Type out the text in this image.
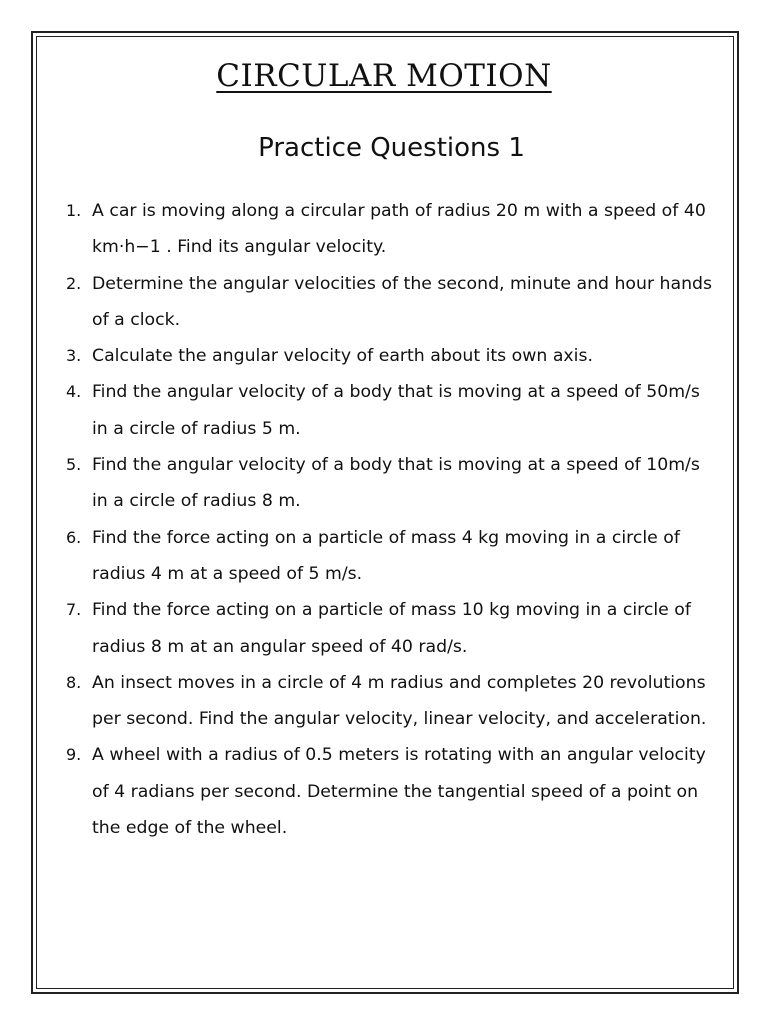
CIRCULAR MOTION
Practice Questions 1
1. A car is moving along a circular path of radius 20 m with a speed of 40 km·h−1 . Find its angular velocity.
2. Determine the angular velocities of the second, minute and hour hands of a clock.
3. Calculate the angular velocity of earth about its own axis.
4. Find the angular velocity of a body that is moving at a speed of 50m/s in a circle of radius 5 m.
5. Find the angular velocity of a body that is moving at a speed of 10m/s in a circle of radius 8 m.
6. Find the force acting on a particle of mass 4 kg moving in a circle of radius 4 m at a speed of 5 m/s.
7. Find the force acting on a particle of mass 10 kg moving in a circle of radius 8 m at an angular speed of 40 rad/s.
8. An insect moves in a circle of 4 m radius and completes 20 revolutions per second. Find the angular velocity, linear velocity, and acceleration.
9. A wheel with a radius of 0.5 meters is rotating with an angular velocity of 4 radians per second. Determine the tangential speed of a point on the edge of the wheel.
